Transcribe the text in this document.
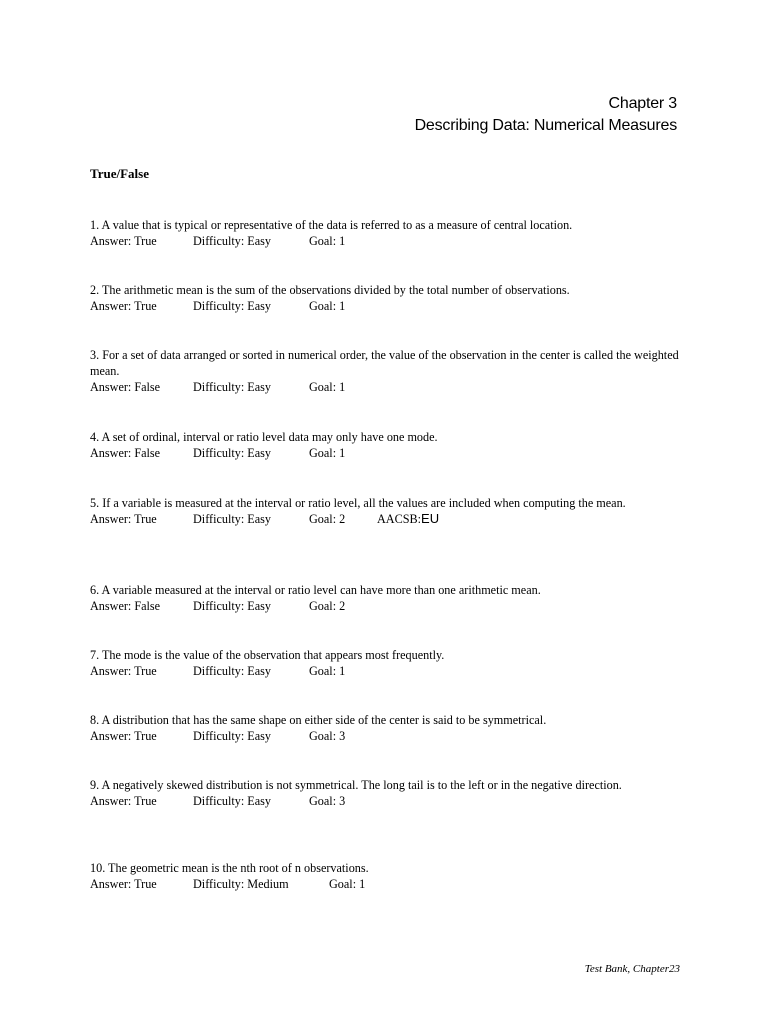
Chapter 3
Describing Data: Numerical Measures
True/False
1. A value that is typical or representative of the data is referred to as a measure of central location.
Answer: True	Difficulty: Easy	Goal: 1
2. The arithmetic mean is the sum of the observations divided by the total number of observations.
Answer: True	Difficulty: Easy	Goal: 1
3. For a set of data arranged or sorted in numerical order, the value of the observation in the center is called the weighted mean.
Answer: False	Difficulty: Easy	Goal: 1
4. A set of ordinal, interval or ratio level data may only have one mode.
Answer: False	Difficulty: Easy	Goal: 1
5. If a variable is measured at the interval or ratio level, all the values are included when computing the mean.
Answer: True	Difficulty: Easy	Goal: 2	AACSB:EU
6. A variable measured at the interval or ratio level can have more than one arithmetic mean.
Answer: False	Difficulty: Easy	Goal: 2
7. The mode is the value of the observation that appears most frequently.
Answer: True	Difficulty: Easy	Goal: 1
8. A distribution that has the same shape on either side of the center is said to be symmetrical.
Answer: True	Difficulty: Easy	Goal: 3
9. A negatively skewed distribution is not symmetrical. The long tail is to the left or in the negative direction.
Answer: True	Difficulty: Easy	Goal: 3
10. The geometric mean is the nth root of n observations.
Answer: True	Difficulty: Medium	Goal: 1
Test Bank, Chapter23
